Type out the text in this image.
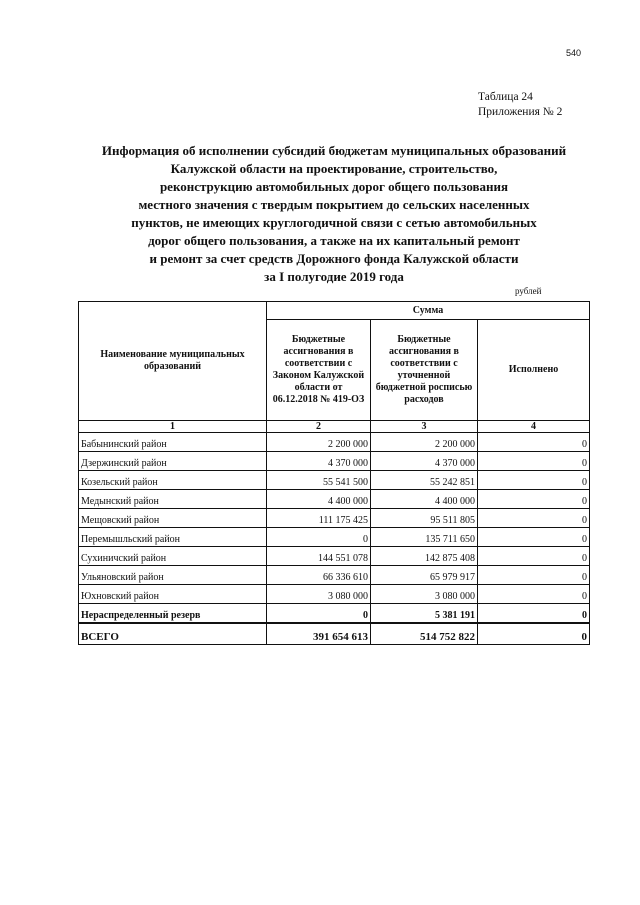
540
Таблица 24
Приложения № 2
Информация об исполнении субсидий бюджетам муниципальных образований
Калужской области на проектирование, строительство,
реконструкцию автомобильных дорог общего пользования
местного значения с твердым покрытием до сельских населенных
пунктов, не имеющих круглогодичной связи с сетью автомобильных
дорог общего пользования, а также на их капитальный ремонт
и ремонт за счет средств Дорожного фонда Калужской области
за I полугодие 2019 года
рублей
Наименование муниципальных образований	Сумма		
	Бюджетные ассигнования в соответствии с Законом Калужской области от 06.12.2018 № 419-ОЗ	Бюджетные ассигнования в соответствии с уточненной бюджетной росписью расходов	Исполнено
1	2	3	4
Бабынинский район	2 200 000	2 200 000	0
Дзержинский район	4 370 000	4 370 000	0
Козельский район	55 541 500	55 242 851	0
Медынский район	4 400 000	4 400 000	0
Мещовский район	111 175 425	95 511 805	0
Перемышльский район	0	135 711 650	0
Сухиничский район	144 551 078	142 875 408	0
Ульяновский район	66 336 610	65 979 917	0
Юхновский район	3 080 000	3 080 000	0
Нераспределенный резерв	0	5 381 191	0
ВСЕГО	391 654 613	514 752 822	0
